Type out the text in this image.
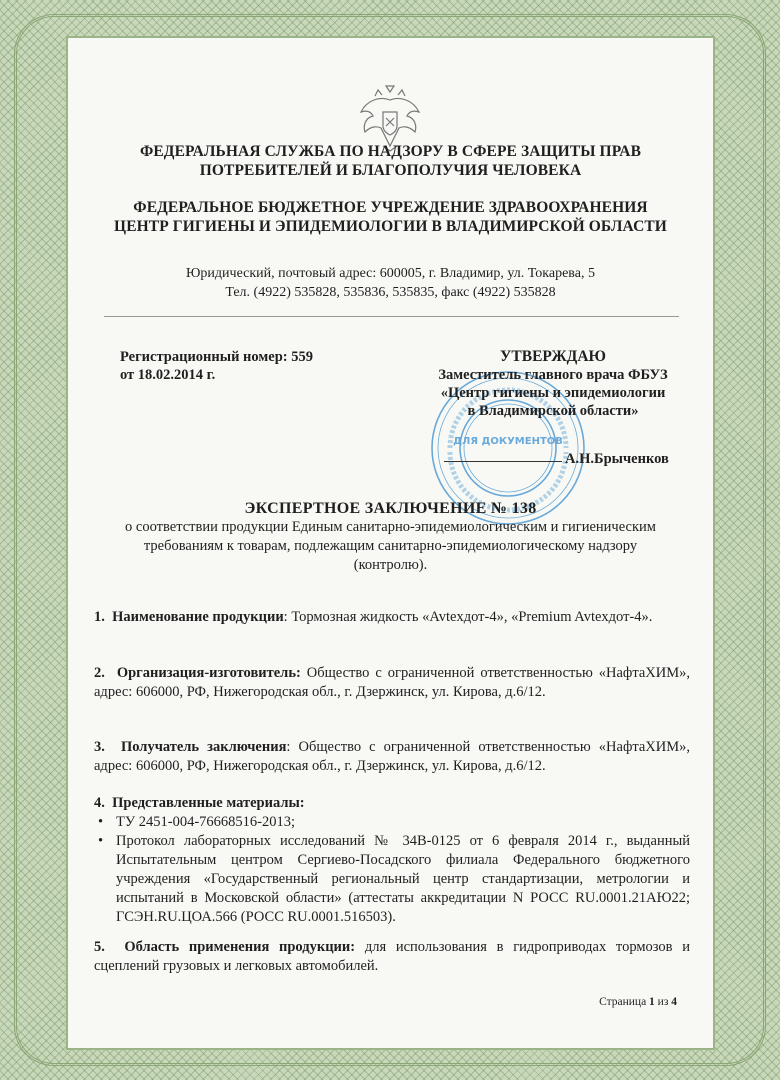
ФЕДЕРАЛЬНАЯ СЛУЖБА ПО НАДЗОРУ В СФЕРЕ ЗАЩИТЫ ПРАВ
ПОТРЕБИТЕЛЕЙ И БЛАГОПОЛУЧИЯ ЧЕЛОВЕКА
ФЕДЕРАЛЬНОЕ БЮДЖЕТНОЕ УЧРЕЖДЕНИЕ ЗДРАВООХРАНЕНИЯ
ЦЕНТР ГИГИЕНЫ И ЭПИДЕМИОЛОГИИ В ВЛАДИМИРСКОЙ ОБЛАСТИ
Юридический, почтовый адрес: 600005, г. Владимир, ул. Токарева, 5
Тел. (4922) 535828, 535836, 535835, факс (4922) 535828
Регистрационный номер: 559
от 18.02.2014 г.
ДЛЯ ДОКУМЕНТОВ
УТВЕРЖДАЮ
Заместитель главного врача ФБУЗ
«Центр гигиены и эпидемиологии
в Владимирской области»
А.Н.Брыченков
ЭКСПЕРТНОЕ ЗАКЛЮЧЕНИЕ № 138
о соответствии продукции Единым санитарно-эпидемиологическим и гигиеническим
требованиям к товарам, подлежащим санитарно-эпидемиологическому надзору
(контролю).
1. Наименование продукции: Тормозная жидкость «Avtexдот-4», «Premium Avtexдот-4».
2. Организация-изготовитель: Общество с ограниченной ответственностью «НафтаХИМ», адрес: 606000, РФ, Нижегородская обл., г. Дзержинск, ул. Кирова, д.6/12.
3. Получатель заключения: Общество с ограниченной ответственностью «НафтаХИМ», адрес: 606000, РФ, Нижегородская обл., г. Дзержинск, ул. Кирова, д.6/12.
4. Представленные материалы:
• ТУ 2451-004-76668516-2013;
• Протокол лабораторных исследований № 34В-0125 от 6 февраля 2014 г., выданный Испытательным центром Сергиево-Посадского филиала Федерального бюджетного учреждения «Государственный региональный центр стандартизации, метрологии и испытаний в Московской области» (аттестаты аккредитации N РОСС RU.0001.21АЮ22; ГСЭН.RU.ЦОА.566 (РОСС RU.0001.516503).
5. Область применения продукции: для использования в гидроприводах тормозов и сцеплений грузовых и легковых автомобилей.
Страница 1 из 4
